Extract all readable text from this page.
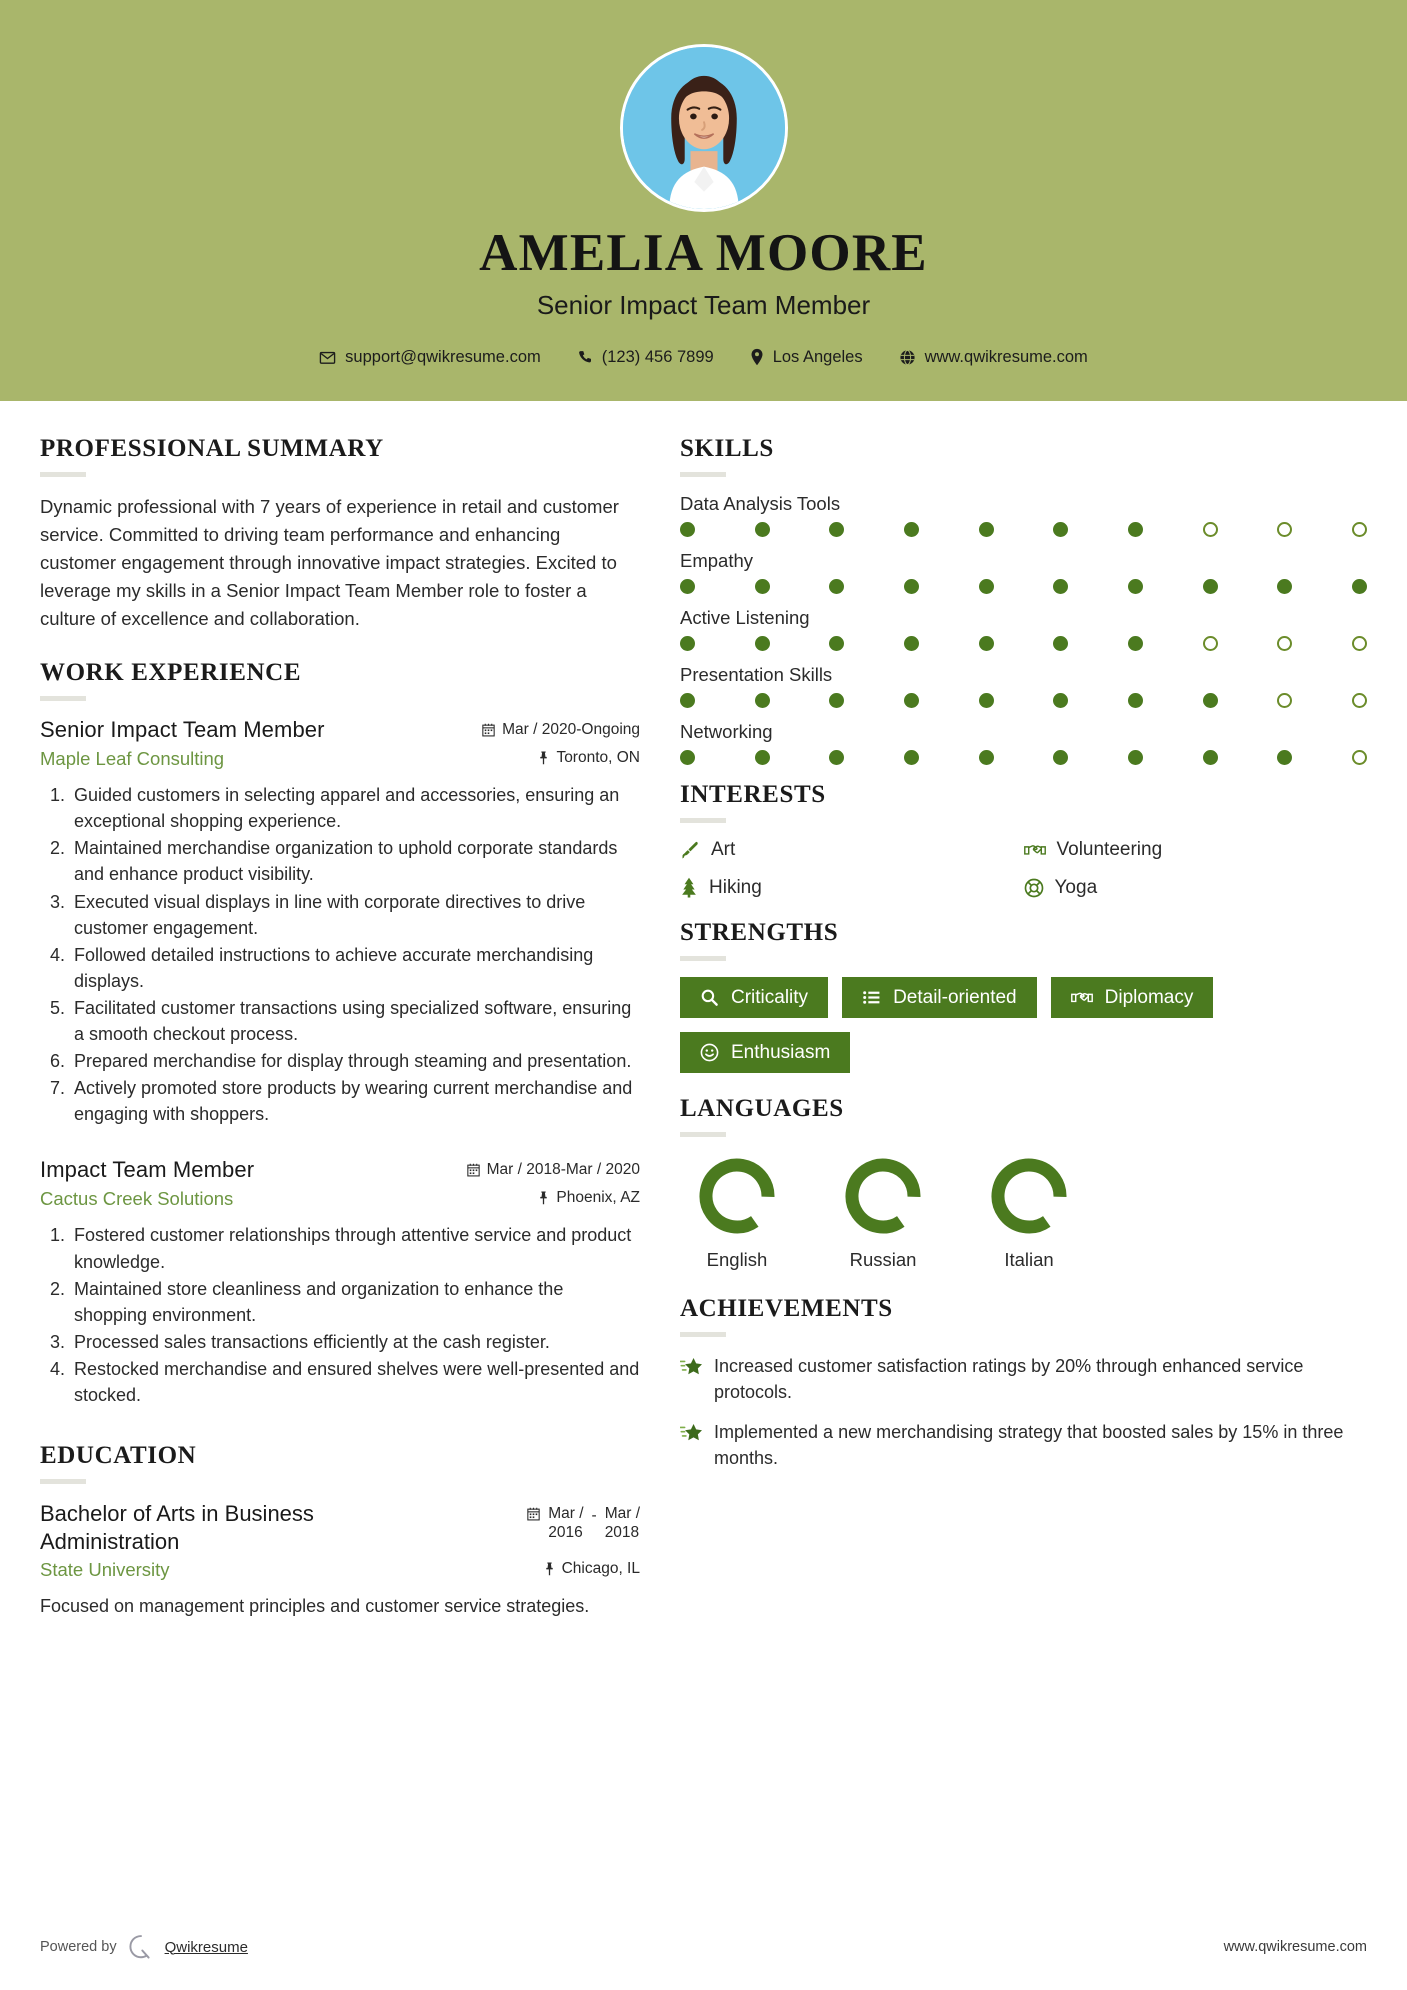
AMELIA MOORE
Senior Impact Team Member
support@qwikresume.com	(123) 456 7899	Los Angeles	www.qwikresume.com
PROFESSIONAL SUMMARY
Dynamic professional with 7 years of experience in retail and customer service. Committed to driving team performance and enhancing customer engagement through innovative impact strategies. Excited to leverage my skills in a Senior Impact Team Member role to foster a culture of excellence and collaboration.
WORK EXPERIENCE
Senior Impact Team Member	Mar / 2020-Ongoing
Maple Leaf Consulting	Toronto, ON
1. Guided customers in selecting apparel and accessories, ensuring an exceptional shopping experience.
2. Maintained merchandise organization to uphold corporate standards and enhance product visibility.
3. Executed visual displays in line with corporate directives to drive customer engagement.
4. Followed detailed instructions to achieve accurate merchandising displays.
5. Facilitated customer transactions using specialized software, ensuring a smooth checkout process.
6. Prepared merchandise for display through steaming and presentation.
7. Actively promoted store products by wearing current merchandise and engaging with shoppers.
Impact Team Member	Mar / 2018-Mar / 2020
Cactus Creek Solutions	Phoenix, AZ
1. Fostered customer relationships through attentive service and product knowledge.
2. Maintained store cleanliness and organization to enhance the shopping environment.
3. Processed sales transactions efficiently at the cash register.
4. Restocked merchandise and ensured shelves were well-presented and stocked.
EDUCATION
Bachelor of Arts in Business Administration
Mar /
2016
- Mar /
2018
State University	Chicago, IL
Focused on management principles and customer service strategies.
SKILLS
Data Analysis Tools
Empathy
Active Listening
Presentation Skills
Networking
INTERESTS
Art	Volunteering
Hiking	Yoga
STRENGTHS
Criticality	Detail-oriented	Diplomacy
Enthusiasm
LANGUAGES
English	Russian	Italian
ACHIEVEMENTS
Increased customer satisfaction ratings by 20% through enhanced service protocols.
Implemented a new merchandising strategy that boosted sales by 15% in three months.
Powered by	Qwikresume	www.qwikresume.com
